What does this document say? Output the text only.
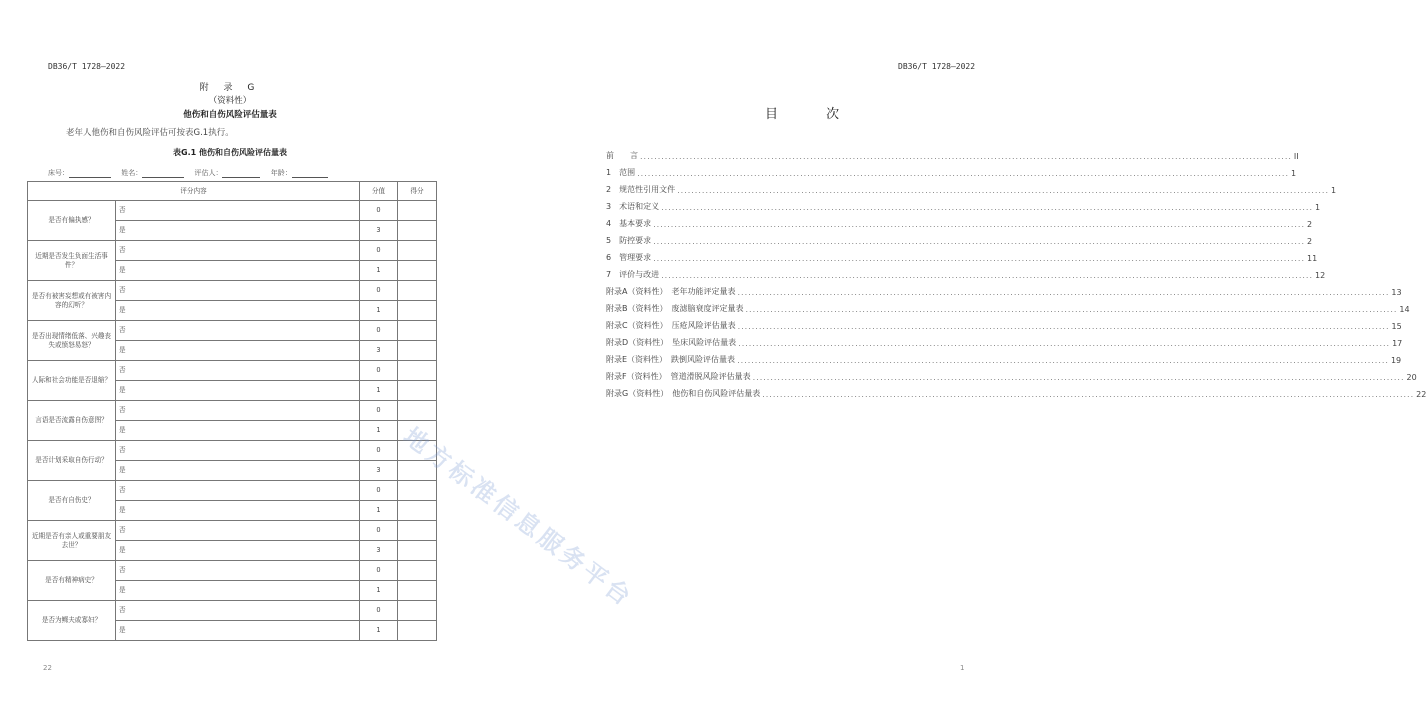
DB36/T 1728—2022
附 录 G
（资料性）
他伤和自伤风险评估量表
老年人他伤和自伤风险评估可按表G.1执行。
表G.1 他伤和自伤风险评估量表
床号：	姓名：	评估人：	年龄：
评分内容		分值	得分
是否有偏执感？	否	0	
	是	3	
近期是否发生负面生活事件？	否	0	
	是	1	
是否有被害妄想或有被害内容的幻听？	否	0	
	是	1	
是否出现情绪低落、兴趣丧失或愤怒易怒？	否	0	
	是	3	
人际和社会功能是否退缩？	否	0	
	是	1	
言语是否流露自伤意图？	否	0	
	是	1	
是否计划采取自伤行动？	否	0	
	是	3	
是否有自伤史？	否	0	
	是	1	
近期是否有亲人或重要朋友去世？	否	0	
	是	3	
是否有精神病史？	否	0	
	是	1	
是否为鳏夫或寡妇？	否	0	
	是	1	
22
DB36/T 1728—2022
目 次
前　　言 ........................................................................................................................................................................................ II
1　范围 ........................................................................................................................................................................................ 1
2　规范性引用文件 ........................................................................................................................................................................................ 1
3　术语和定义 ........................................................................................................................................................................................ 1
4　基本要求 ........................................................................................................................................................................................ 2
5　防控要求 ........................................................................................................................................................................................ 2
6　管理要求 ........................................................................................................................................................................................ 11
7　评价与改进 ........................................................................................................................................................................................ 12
附录A（资料性）　老年功能评定量表 ........................................................................................................................................................................................ 13
附录B（资料性）　废滤脑衰度评定量表 ........................................................................................................................................................................................ 14
附录C（资料性）　压疮风险评估量表 ........................................................................................................................................................................................ 15
附录D（资料性）　坠床风险评估量表 ........................................................................................................................................................................................ 17
附录E（资料性）　跌倒风险评估量表 ........................................................................................................................................................................................ 19
附录F（资料性）　管道滑脱风险评估量表 ........................................................................................................................................................................................ 20
附录G（资料性）　他伤和自伤风险评估量表 ........................................................................................................................................................................................ 22
1
地方标准信息服务平台
